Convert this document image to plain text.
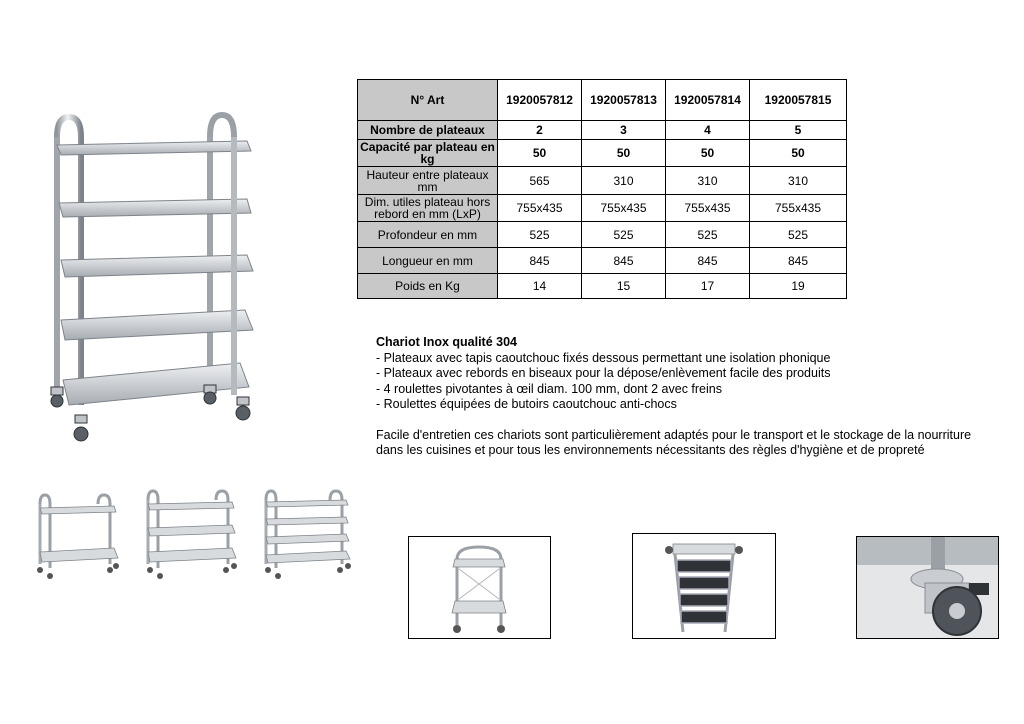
N° Art	1920057812	1920057813	1920057814	1920057815
Nombre de plateaux	2	3	4	5
Capacité par plateau en kg	50	50	50	50
Hauteur entre plateaux mm	565	310	310	310
Dim. utiles plateau hors rebord en mm (LxP)	755x435	755x435	755x435	755x435
Profondeur en mm	525	525	525	525
Longueur en mm	845	845	845	845
Poids en Kg	14	15	17	19
Chariot Inox qualité 304
- Plateaux avec tapis caoutchouc fixés dessous permettant une isolation phonique
- Plateaux avec rebords en biseaux pour la dépose/enlèvement facile des produits
- 4 roulettes pivotantes à œil diam. 100 mm, dont 2 avec freins
- Roulettes équipées de butoirs caoutchouc anti-chocs
Facile d'entretien ces chariots sont particulièrement adaptés pour le transport et le stockage de la nourriture dans les cuisines et pour tous les environnements nécessitants des règles d'hygiène et de propreté
